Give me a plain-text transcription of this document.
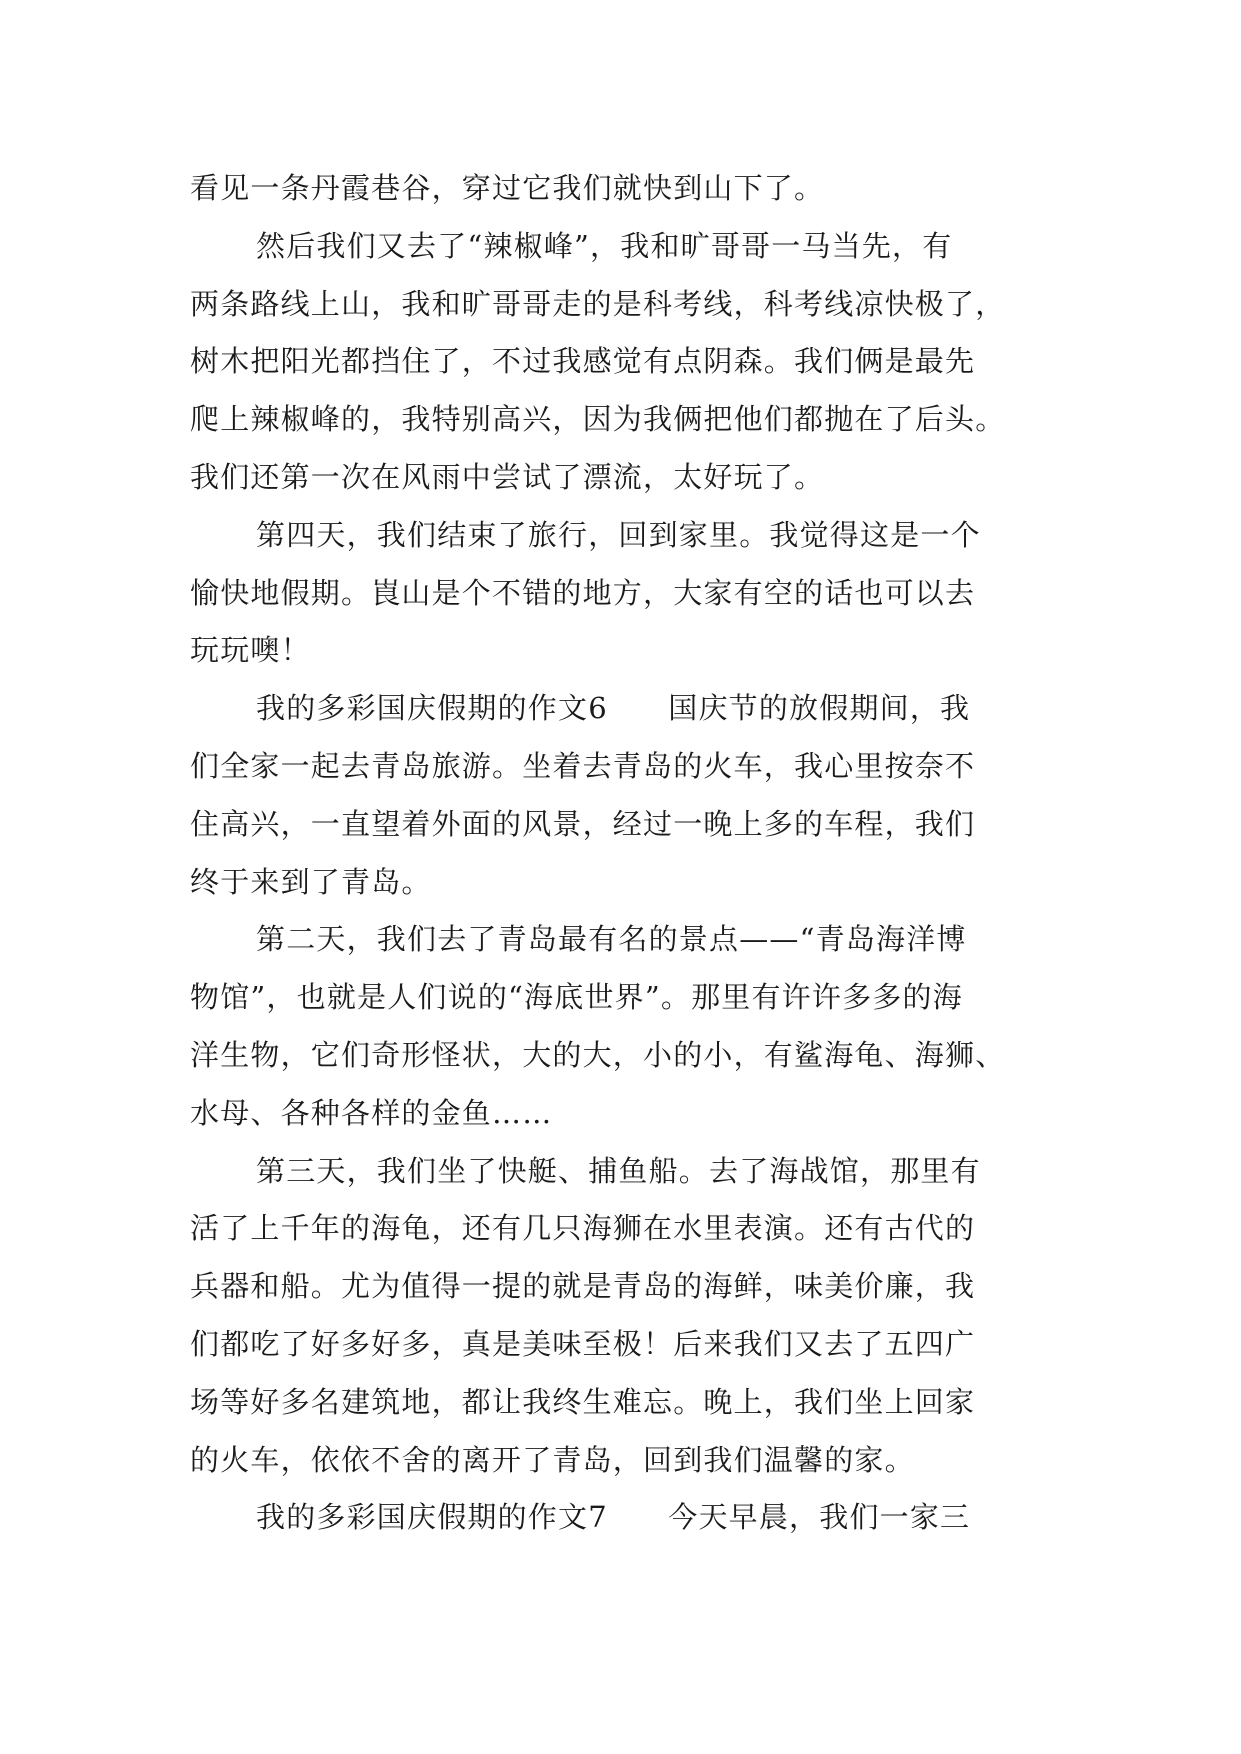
看见一条丹霞巷谷，穿过它我们就快到山下了。
然后我们又去了“辣椒峰”，我和旷哥哥一马当先，有
两条路线上山，我和旷哥哥走的是科考线，科考线凉快极了，
树木把阳光都挡住了，不过我感觉有点阴森。我们俩是最先
爬上辣椒峰的，我特别高兴，因为我俩把他们都抛在了后头。
我们还第一次在风雨中尝试了漂流，太好玩了。
第四天，我们结束了旅行，回到家里。我觉得这是一个
愉快地假期。崀山是个不错的地方，大家有空的话也可以去
玩玩噢！
我的多彩国庆假期的作文6　　国庆节的放假期间，我
们全家一起去青岛旅游。坐着去青岛的火车，我心里按奈不
住高兴，一直望着外面的风景，经过一晚上多的车程，我们
终于来到了青岛。
第二天，我们去了青岛最有名的景点——“青岛海洋博
物馆”，也就是人们说的“海底世界”。那里有许许多多的海
洋生物，它们奇形怪状，大的大，小的小，有鲨海龟、海狮、
水母、各种各样的金鱼……
第三天，我们坐了快艇、捕鱼船。去了海战馆，那里有
活了上千年的海龟，还有几只海狮在水里表演。还有古代的
兵器和船。尤为值得一提的就是青岛的海鲜，味美价廉，我
们都吃了好多好多，真是美味至极！后来我们又去了五四广
场等好多名建筑地，都让我终生难忘。晚上，我们坐上回家
的火车，依依不舍的离开了青岛，回到我们温馨的家。
我的多彩国庆假期的作文7　　今天早晨，我们一家三
